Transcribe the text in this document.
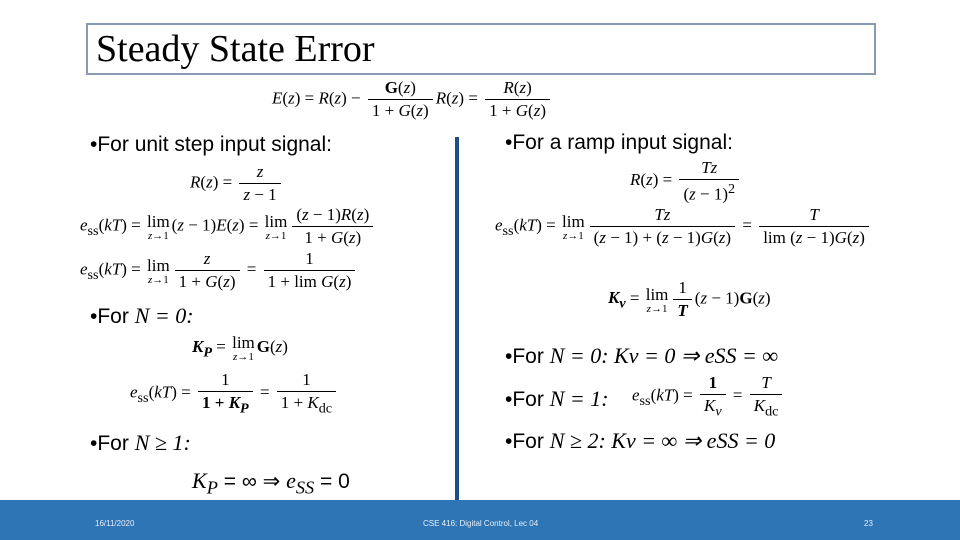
Steady State Error
$E(z) = R(z) - \frac{G(z)}{1 + G(z)} R(z) = \frac{R(z)}{1 + G(z)}$
•For unit step input signal:
$R(z) = \frac{z}{z - 1}$
$e_{ss}(kT) = \lim$
z→1
(z − 1)E(z) = lim
$z\to 1 \frac{(z - 1)R(z)}{1 + G(z)}$
$e_{ss}(kT) = \lim$
$z\to 1 \frac{z}{1 + G(z)} = \frac{1}{\text{1 + lim G(z)}}$
•For N = 0:
$K_P = \lim$
z→1
G(z)
$e_{ss}(kT) = \frac{1}{1 + K_P} = \frac{1}{1 + K_{dc}}$
•For N ≥ 1:
$K_P$ = ∞ ⇒ $e_{SS} = 0$
•For a ramp input signal:
$R(z) = \frac{Tz}{(z - 1)^2}$
$e_{ss}(kT) = \lim$
$z\to 1 \frac{Tz}{(z - 1) + (z - 1)G(z)} = \frac{T}{\lim (z - 1)G(z)}$
$K_v = \lim$
$z\to 1 \frac{1}{T} (z - 1)G(z)$
•For N = 0: Kv = 0 ⇒ eSS = ∞
•For N = 1: $e_{ss}(kT) = \frac{1}{K_v} = \frac{T}{K_{dc}}$
•For N ≥ 2: Kv = ∞ ⇒ eSS = 0
16/11/2020	CSE 416: Digital Control, Lec 04	23
